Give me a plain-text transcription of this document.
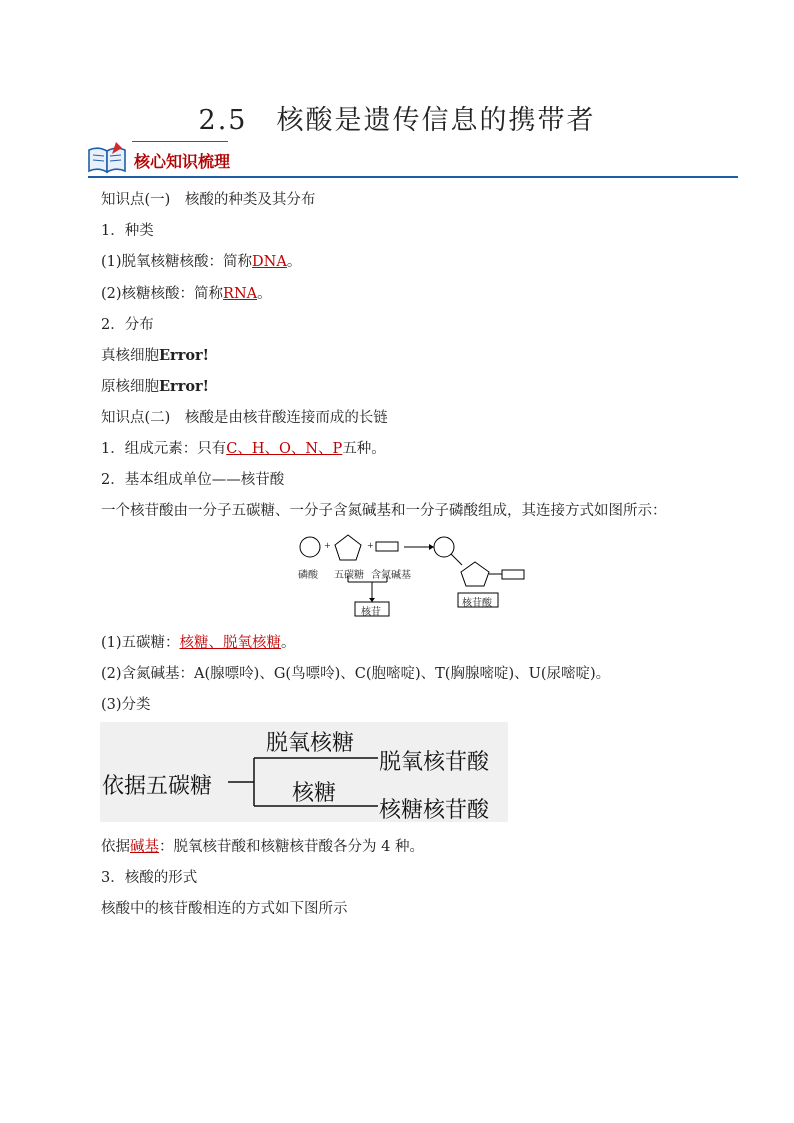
2.5　核酸是遗传信息的携带者
核心知识梳理
知识点(一)　核酸的种类及其分布
1．种类
(1)脱氧核糖核酸：简称DNA。
(2)核糖核酸：简称RNA。
2．分布
真核细胞Error!
原核细胞Error!
知识点(二)　核酸是由核苷酸连接而成的长链
1．组成元素：只有C、H、O、N、P五种。
2．基本组成单位——核苷酸
一个核苷酸由一分子五碳糖、一分子含氮碱基和一分子磷酸组成，其连接方式如图所示：
+	+
磷酸 五碳糖 含氮碱基
核苷
核苷酸
(1)五碳糖：核糖、脱氧核糖。
(2)含氮碱基：A(腺嘌呤)、G(鸟嘌呤)、C(胞嘧啶)、T(胸腺嘧啶)、U(尿嘧啶)。
(3)分类
依据五碳糖
脱氧核糖
核糖
脱氧核苷酸
核糖核苷酸
依据碱基：脱氧核苷酸和核糖核苷酸各分为 4 种。
3．核酸的形式
核酸中的核苷酸相连的方式如下图所示
